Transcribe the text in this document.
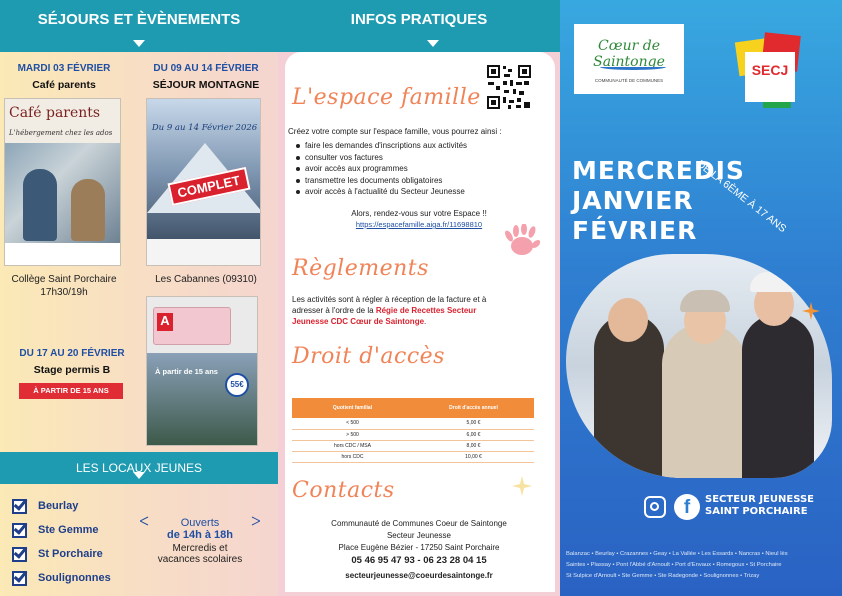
SÉJOURS ET ÈVÈNEMENTS
MARDI 03 FÉVRIER
Café parents
Café parents
L'hébergement chez les ados
Collège Saint Porchaire
17h30/19h
DU 09 AU 14 FÉVRIER
SÉJOUR MONTAGNE
Du 9 au 14 Février 2026
COMPLET
Les Cabannes (09310)
A
À partir de 15 ans
55€
DU 17 AU 20 FÉVRIER
Stage permis B
À PARTIR DE 15 ANS
LES LOCAUX JEUNES
Beurlay
Ste Gemme
St Porchaire
Soulignonnes
Ouverts
de 14h à 18h
Mercredis et
vacances scolaires
INFOS PRATIQUES
L'espace famille
Créez votre compte sur l'espace famille, vous pourrez ainsi :
faire les demandes d'inscriptions aux activités
consulter vos factures
avoir accès aux programmes
transmettre les documents obligatoires
avoir accès à l'actualité du Secteur Jeunesse
Alors, rendez-vous sur votre Espace !!
https://espacefamille.aiga.fr/11698810
Règlements
Les activités sont à régler à réception de la facture et à
adresser à l'ordre de la Régie de Recettes Secteur
Jeunesse CDC Cœur de Saintonge.
Droit d'accès
Quotient familial	Droit d'accès annuel
< 500	5,00 €
> 500	6,00 €
hors CDC / MSA	8,00 €
hors CDC	10,00 €
Contacts
Communauté de Communes Coeur de Saintonge
Secteur Jeunesse
Place Eugène Bézier - 17250 Saint Porchaire
05 46 95 47 93 - 06 23 28 04 15
secteurjeunesse@coeurdesaintonge.fr
Cœur de Saintonge
COMMUNAUTÉ DE COMMUNES
SECJ
DE LA 6ÈME À 17 ANS
MERCREDIS
JANVIER
FÉVRIER
f	SECTEUR JEUNESSE
SAINT PORCHAIRE
Balanzac • Beurlay • Crazannes • Geay • La Vallée • Les Essards • Nancras • Nieul lès
Saintes • Plassay • Pont l'Abbé d'Arnoult • Port d'Envaux • Romegoux • St Porchaire
St Sulpice d'Arnoult • Ste Gemme • Ste Radegonde • Soulignonnes • Trizay
